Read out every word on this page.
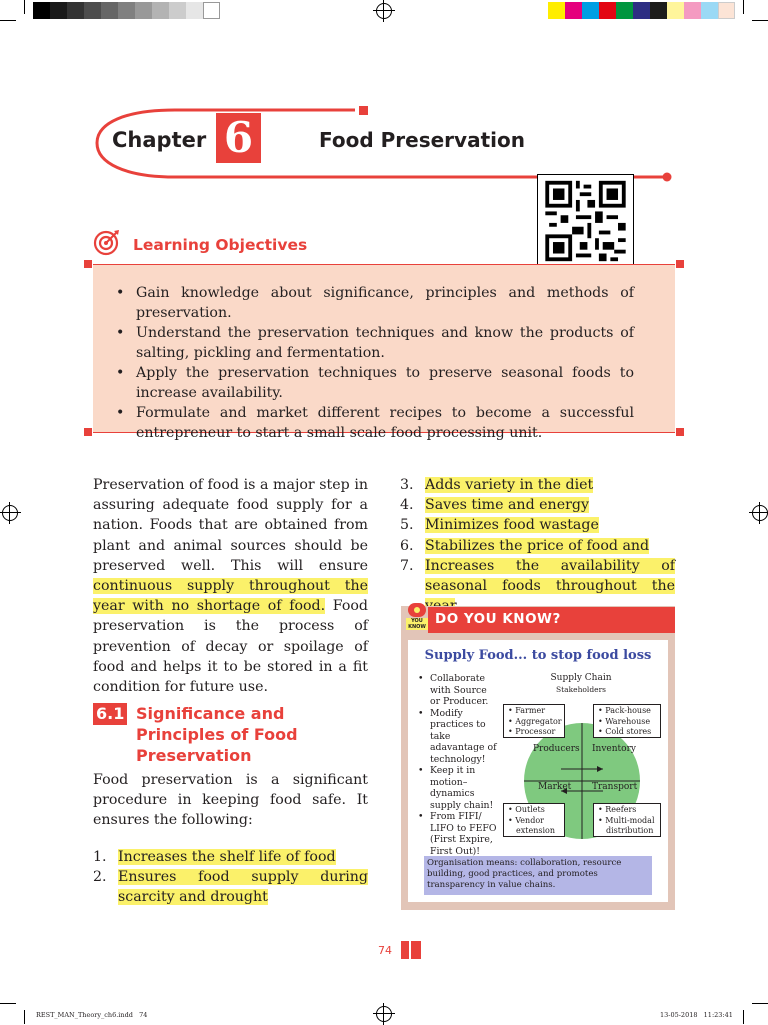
Chapter 6	Food Preservation
Learning Objectives
• Gain knowledge about significance, principles and methods of preservation.
• Understand the preservation techniques and know the products of salting, pickling and fermentation.
• Apply the preservation techniques to preserve seasonal foods to increase availability.
• Formulate and market different recipes to become a successful entrepreneur to start a small scale food processing unit.

Preservation of food is a major step in assuring adequate food supply for a nation. Foods that are obtained from plant and animal sources should be preserved well. This will ensure continuous supply throughout the year with no shortage of food. Food preservation is the process of prevention of decay or spoilage of food and helps it to be stored in a fit condition for future use.

6.1 Significance and Principles of Food Preservation

Food preservation is a significant procedure in keeping food safe. It ensures the following:

1. Increases the shelf life of food
2. Ensures food supply during scarcity and drought
3. Adds variety in the diet
4. Saves time and energy
5. Minimizes food wastage
6. Stabilizes the price of food and
7. Increases the availability of seasonal foods throughout the
DO YOU KNOW?
YOU KNOW
Supply Food... to stop food loss
• Collaborate with Source or Producer.
• Modify practices to take adavantage of technology!
• Keep it in motion– dynamics supply chain!
• From FIFI/ LIFO to FEFO (First Expire, First Out)!
Supply Chain
Stakeholders
Producers Inventory
Market Transport
• Farmer
• Aggregator
• Processor
• Pack-house
• Warehouse
• Cold stores
• Outlets
• Vendor extension
• Reefers
• Multi-modal distribution
Organisation means: collaboration, resource building, good practices, and promotes transparency in value chains.
74
REST_MAN_Theory_ch6.indd   74	13-05-2018   11:23:41
